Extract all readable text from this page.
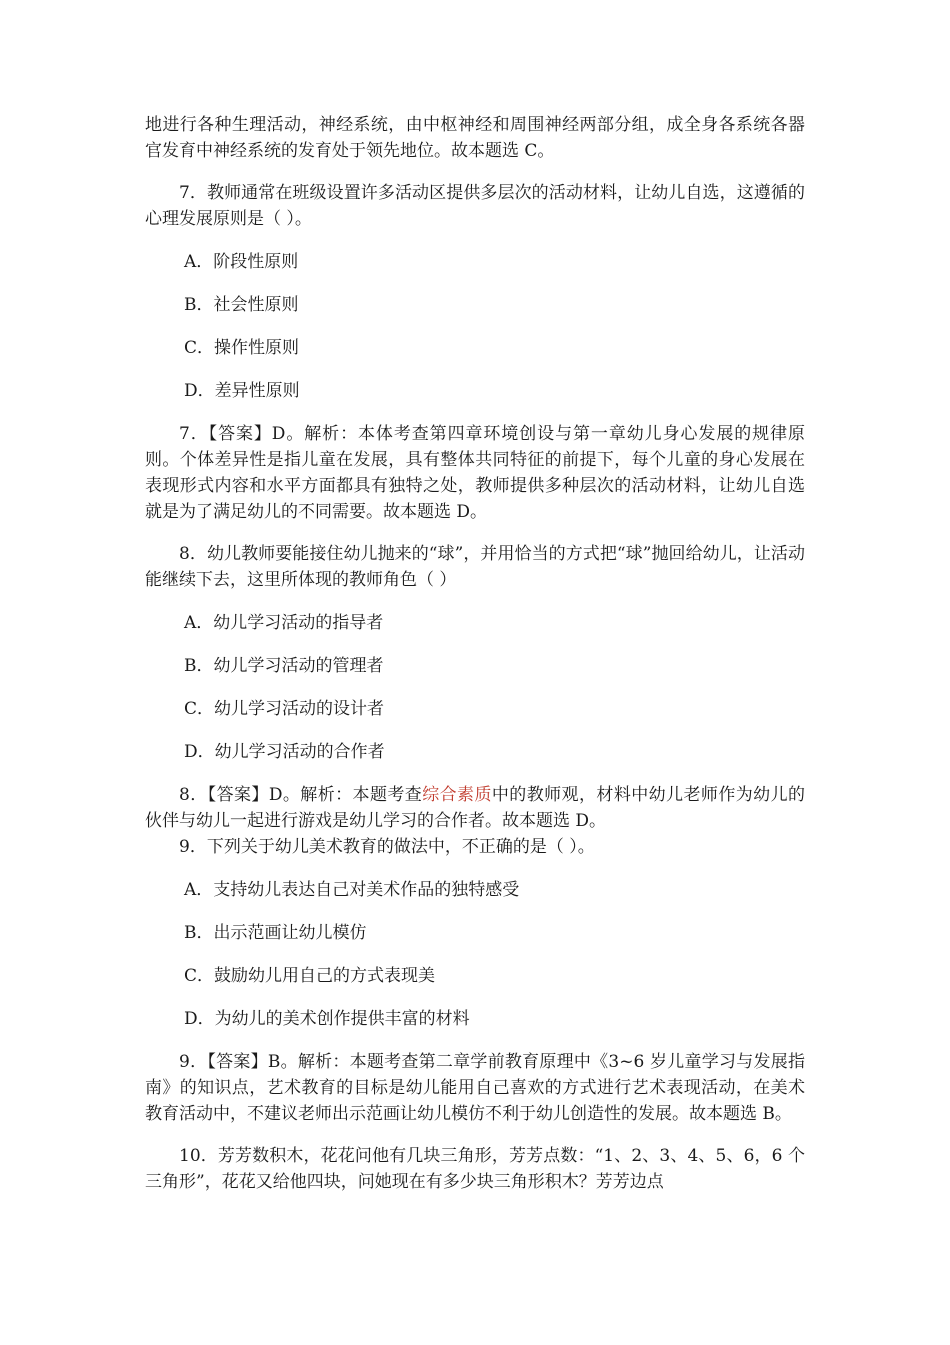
地进行各种生理活动，神经系统，由中枢神经和周围神经两部分组，成全身各系统各器官发育中神经系统的发育处于领先地位。故本题选 C。

7．教师通常在班级设置许多活动区提供多层次的活动材料，让幼儿自选，这遵循的心理发展原则是（ ）。

A．阶段性原则

B．社会性原则

C．操作性原则

D．差异性原则

7．【答案】D。解析：本体考查第四章环境创设与第一章幼儿身心发展的规律原则。个体差异性是指儿童在发展，具有整体共同特征的前提下，每个儿童的身心发展在表现形式内容和水平方面都具有独特之处，教师提供多种层次的活动材料，让幼儿自选就是为了满足幼儿的不同需要。故本题选 D。

8．幼儿教师要能接住幼儿抛来的“球”，并用恰当的方式把“球”抛回给幼儿，让活动能继续下去，这里所体现的教师角色（ ）

A．幼儿学习活动的指导者

B．幼儿学习活动的管理者

C．幼儿学习活动的设计者

D．幼儿学习活动的合作者

8．【答案】D。解析：本题考查综合素质中的教师观，材料中幼儿老师作为幼儿的伙伴与幼儿一起进行游戏是幼儿学习的合作者。故本题选 D。

9．下列关于幼儿美术教育的做法中，不正确的是（ ）。

A．支持幼儿表达自己对美术作品的独特感受

B．出示范画让幼儿模仿

C．鼓励幼儿用自己的方式表现美

D．为幼儿的美术创作提供丰富的材料

9．【答案】B。解析：本题考查第二章学前教育原理中《3~6 岁儿童学习与发展指南》的知识点，艺术教育的目标是幼儿能用自己喜欢的方式进行艺术表现活动，在美术教育活动中，不建议老师出示范画让幼儿模仿不利于幼儿创造性的发展。故本题选 B。

10．芳芳数积木，花花问他有几块三角形，芳芳点数：“1、2、3、4、5、6，6 个三角形”，花花又给他四块，问她现在有多少块三角形积木？芳芳边点
